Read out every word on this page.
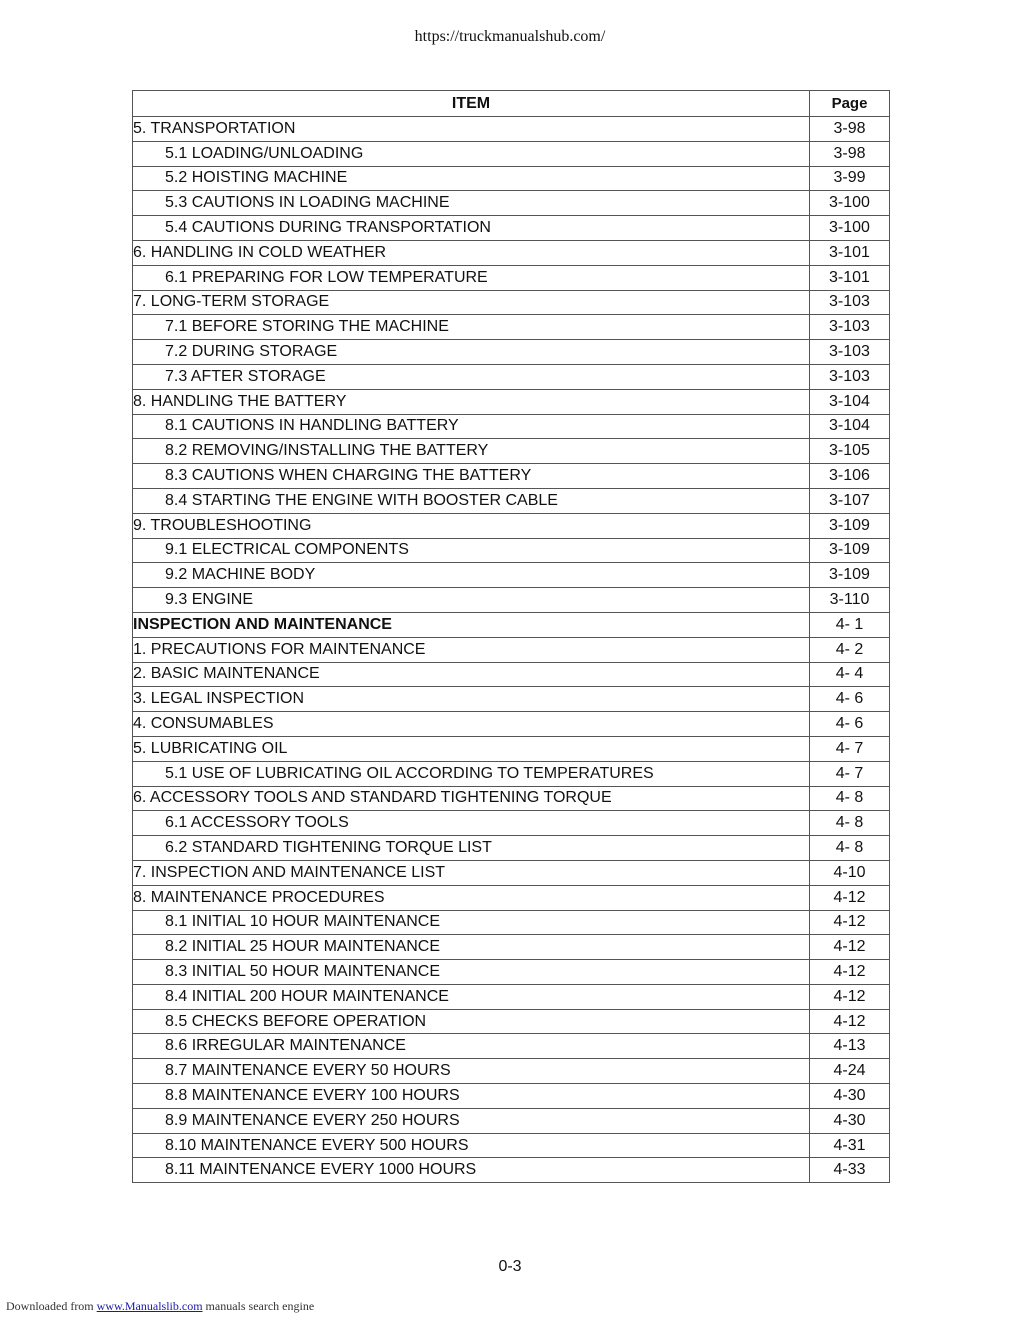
https://truckmanualshub.com/
ITEM	Page
5. TRANSPORTATION	3-98
5.1 LOADING/UNLOADING	3-98
5.2 HOISTING MACHINE	3-99
5.3 CAUTIONS IN LOADING MACHINE	3-100
5.4 CAUTIONS DURING TRANSPORTATION	3-100
6. HANDLING IN COLD WEATHER	3-101
6.1 PREPARING FOR LOW TEMPERATURE	3-101
7. LONG-TERM STORAGE	3-103
7.1 BEFORE STORING THE MACHINE	3-103
7.2 DURING STORAGE	3-103
7.3 AFTER STORAGE	3-103
8. HANDLING THE BATTERY	3-104
8.1 CAUTIONS IN HANDLING BATTERY	3-104
8.2 REMOVING/INSTALLING THE BATTERY	3-105
8.3 CAUTIONS WHEN CHARGING THE BATTERY	3-106
8.4 STARTING THE ENGINE WITH BOOSTER CABLE	3-107
9. TROUBLESHOOTING	3-109
9.1 ELECTRICAL COMPONENTS	3-109
9.2 MACHINE BODY	3-109
9.3 ENGINE	3-110
INSPECTION AND MAINTENANCE	4- 1
1. PRECAUTIONS FOR MAINTENANCE	4- 2
2. BASIC MAINTENANCE	4- 4
3. LEGAL INSPECTION	4- 6
4. CONSUMABLES	4- 6
5. LUBRICATING OIL	4- 7
5.1 USE OF LUBRICATING OIL ACCORDING TO TEMPERATURES	4- 7
6. ACCESSORY TOOLS AND STANDARD TIGHTENING TORQUE	4- 8
6.1 ACCESSORY TOOLS	4- 8
6.2 STANDARD TIGHTENING TORQUE LIST	4- 8
7. INSPECTION AND MAINTENANCE LIST	4-10
8. MAINTENANCE PROCEDURES	4-12
8.1 INITIAL 10 HOUR MAINTENANCE	4-12
8.2 INITIAL 25 HOUR MAINTENANCE	4-12
8.3 INITIAL 50 HOUR MAINTENANCE	4-12
8.4 INITIAL 200 HOUR MAINTENANCE	4-12
8.5 CHECKS BEFORE OPERATION	4-12
8.6 IRREGULAR MAINTENANCE	4-13
8.7 MAINTENANCE EVERY 50 HOURS	4-24
8.8 MAINTENANCE EVERY 100 HOURS	4-30
8.9 MAINTENANCE EVERY 250 HOURS	4-30
8.10 MAINTENANCE EVERY 500 HOURS	4-31
8.11 MAINTENANCE EVERY 1000 HOURS	4-33
0-3
Downloaded from www.Manualslib.com manuals search engine
